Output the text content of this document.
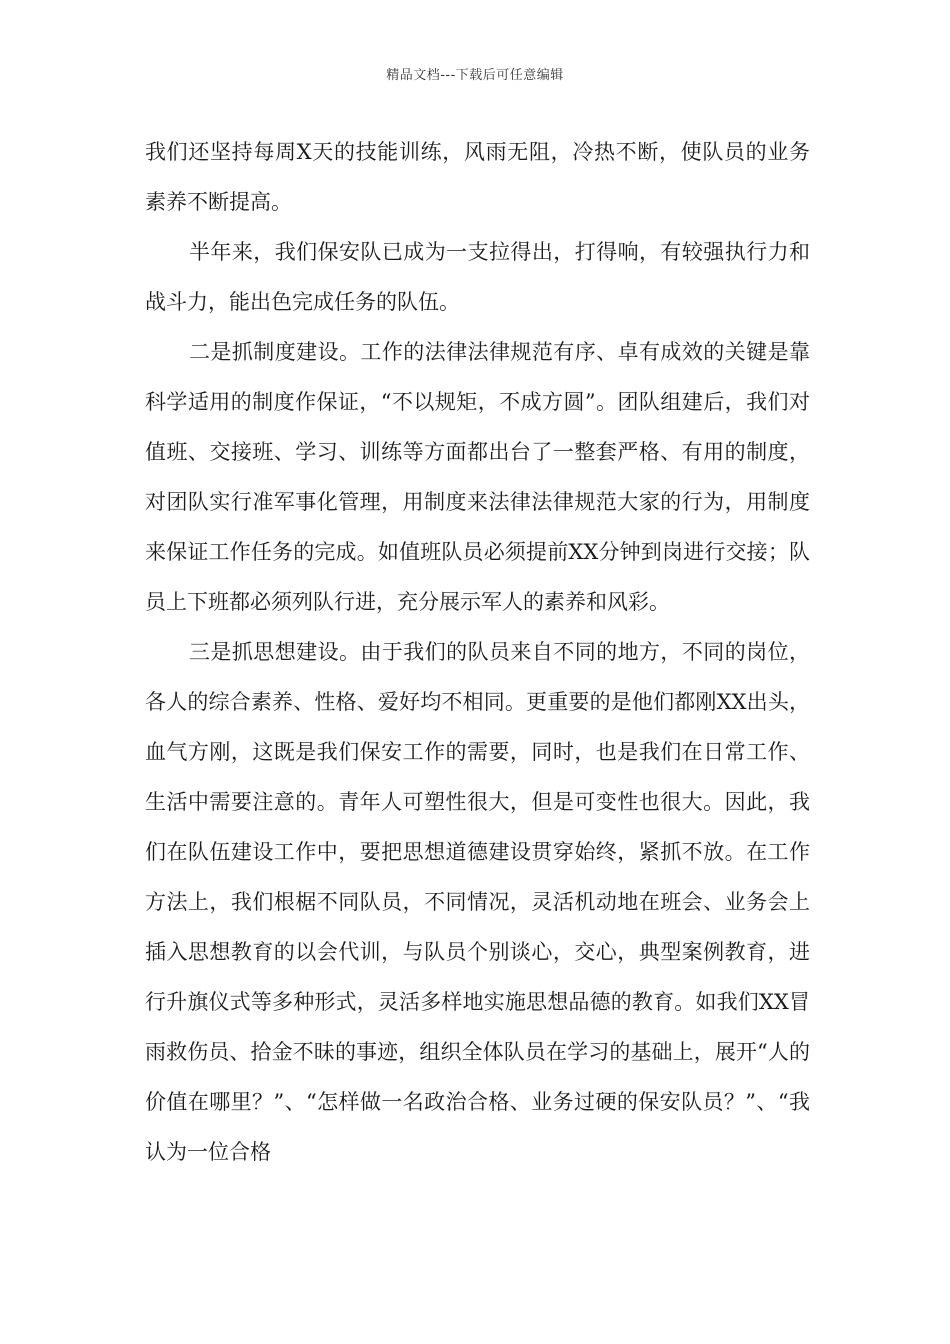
精品文档---下载后可任意编辑

我们还坚持每周X天的技能训练，风雨无阻，冷热不断，使队员的业务素养不断提高。

半年来，我们保安队已成为一支拉得出，打得响，有较强执行力和战斗力，能出色完成任务的队伍。

二是抓制度建设。工作的法律法律规范有序、卓有成效的关键是靠科学适用的制度作保证，“不以规矩，不成方圆”。团队组建后，我们对值班、交接班、学习、训练等方面都出台了一整套严格、有用的制度，对团队实行准军事化管理，用制度来法律法律规范大家的行为，用制度来保证工作任务的完成。如值班队员必须提前XX分钟到岗进行交接；队员上下班都必须列队行进，充分展示军人的素养和风彩。

三是抓思想建设。由于我们的队员来自不同的地方，不同的岗位，各人的综合素养、性格、爱好均不相同。更重要的是他们都刚XX出头，血气方刚，这既是我们保安工作的需要，同时，也是我们在日常工作、生活中需要注意的。青年人可塑性很大，但是可变性也很大。因此，我们在队伍建设工作中，要把思想道德建设贯穿始终，紧抓不放。在工作方法上，我们根椐不同队员，不同情况，灵活机动地在班会、业务会上插入思想教育的以会代训，与队员个别谈心，交心，典型案例教育，进行升旗仪式等多种形式，灵活多样地实施思想品德的教育。如我们XX冒雨救伤员、拾金不昧的事迹，组织全体队员在学习的基础上，展开“人的价值在哪里？”、“怎样做一名政治合格、业务过硬的保安队员？”、“我认为一位合格
